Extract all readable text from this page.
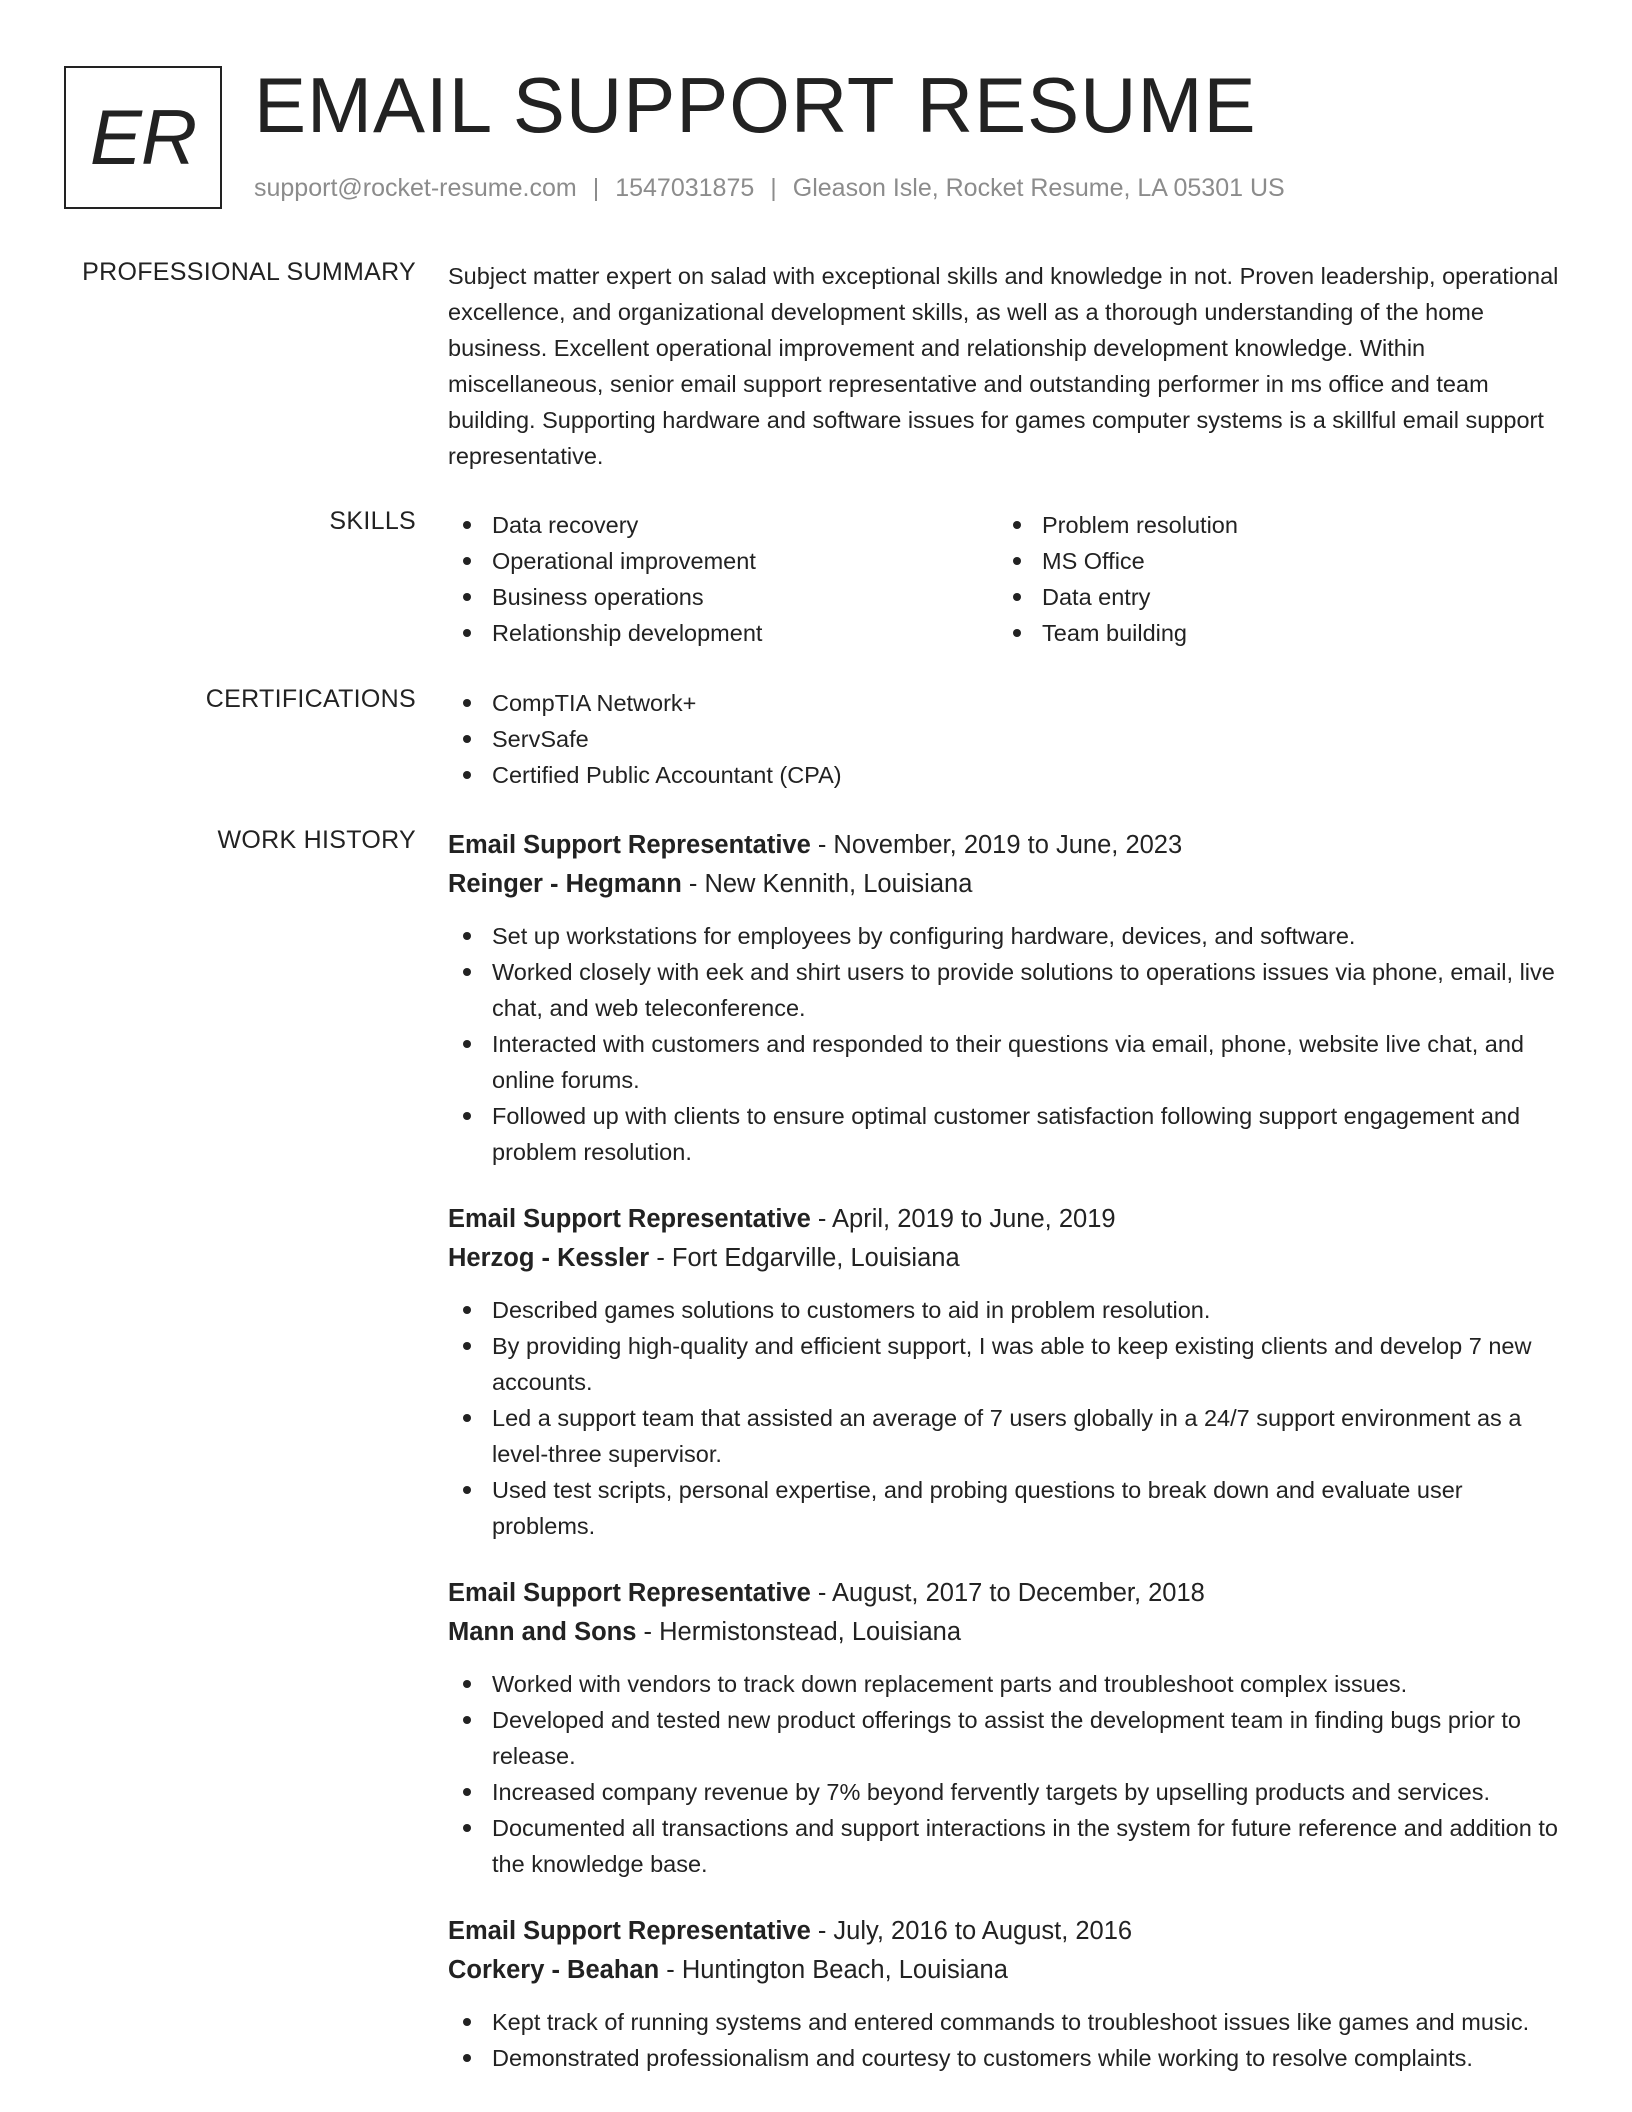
ER EMAIL SUPPORT RESUME
support@rocket-resume.com | 1547031875 | Gleason Isle, Rocket Resume, LA 05301 US
PROFESSIONAL SUMMARY Subject matter expert on salad with exceptional skills and knowledge in not. Proven leadership, operational excellence, and organizational development skills, as well as a thorough understanding of the home business. Excellent operational improvement and relationship development knowledge. Within miscellaneous, senior email support representative and outstanding performer in ms office and team building. Supporting hardware and software issues for games computer systems is a skillful email support representative.
SKILLS	Data recovery
Operational improvement
Business operations
Relationship development
Problem resolution
MS Office
Data entry
Team building
CERTIFICATIONS	CompTIA Network+
ServSafe
Certified Public Accountant (CPA)
WORK HISTORY Email Support Representative - November, 2019 to June, 2023
Reinger - Hegmann - New Kennith, Louisiana
Set up workstations for employees by configuring hardware, devices, and software.
Worked closely with eek and shirt users to provide solutions to operations issues via phone, email, live chat, and web teleconference.
Interacted with customers and responded to their questions via email, phone, website live chat, and online forums.
Followed up with clients to ensure optimal customer satisfaction following support engagement and problem resolution.
Email Support Representative - April, 2019 to June, 2019
Herzog - Kessler - Fort Edgarville, Louisiana
Described games solutions to customers to aid in problem resolution.
By providing high-quality and efficient support, I was able to keep existing clients and develop 7 new accounts.
Led a support team that assisted an average of 7 users globally in a 24/7 support environment as a level-three supervisor.
Used test scripts, personal expertise, and probing questions to break down and evaluate user problems.
Email Support Representative - August, 2017 to December, 2018
Mann and Sons - Hermistonstead, Louisiana
Worked with vendors to track down replacement parts and troubleshoot complex issues.
Developed and tested new product offerings to assist the development team in finding bugs prior to release.
Increased company revenue by 7% beyond fervently targets by upselling products and services.
Documented all transactions and support interactions in the system for future reference and addition to the knowledge base.
Email Support Representative - July, 2016 to August, 2016
Corkery - Beahan - Huntington Beach, Louisiana
Kept track of running systems and entered commands to troubleshoot issues like games and music.
Demonstrated professionalism and courtesy to customers while working to resolve complaints.
